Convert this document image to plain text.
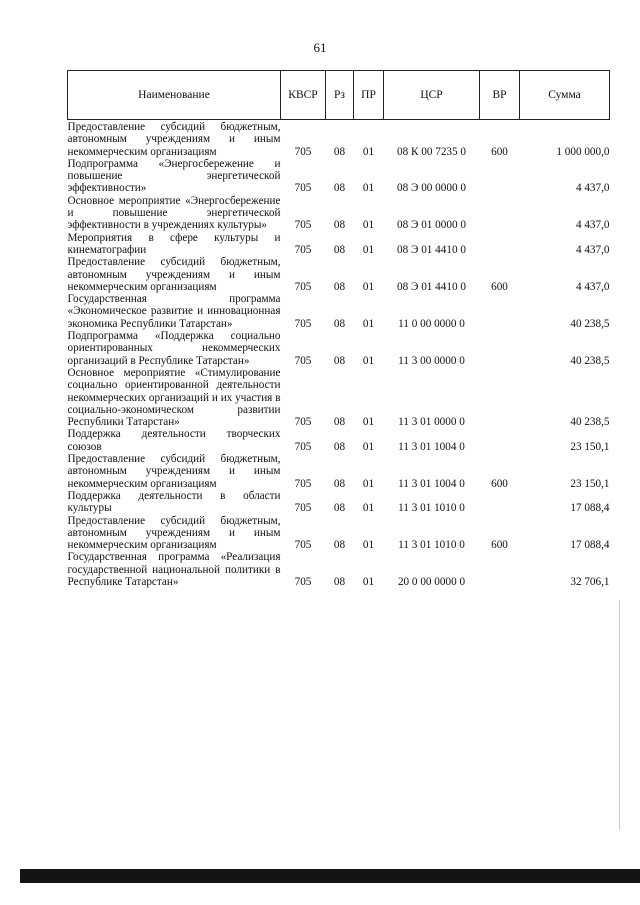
61
Наименование	КВСР	Рз	ПР	ЦСР	ВР	Сумма

Предоставление субсидий бюджетным, автономным учреждениям и иным некоммерческим организациям	705	08	01	08 К 00 7235 0	600	1 000 000,0
Подпрограмма «Энергосбережение и повышение энергетической эффективности»	705	08	01	08 Э 00 0000 0		4 437,0
Основное мероприятие «Энергосбережение и повышение энергетической эффективности в учреждениях культуры»	705	08	01	08 Э 01 0000 0		4 437,0
Мероприятия в сфере культуры и кинематографии	705	08	01	08 Э 01 4410 0		4 437,0
Предоставление субсидий бюджетным, автономным учреждениям и иным некоммерческим организациям	705	08	01	08 Э 01 4410 0	600	4 437,0
Государственная программа «Экономическое развитие и инновационная экономика Республики Татарстан»	705	08	01	11 0 00 0000 0		40 238,5
Подпрограмма «Поддержка социально ориентированных некоммерческих организаций в Республике Татарстан»	705	08	01	11 3 00 0000 0		40 238,5
Основное мероприятие «Стимулирование социально ориентированной деятельности некоммерческих организаций и их участия в социально-экономическом развитии Республики Татарстан»	705	08	01	11 3 01 0000 0		40 238,5
Поддержка деятельности творческих союзов	705	08	01	11 3 01 1004 0		23 150,1
Предоставление субсидий бюджетным, автономным учреждениям и иным некоммерческим организациям	705	08	01	11 3 01 1004 0	600	23 150,1
Поддержка деятельности в области культуры	705	08	01	11 3 01 1010 0		17 088,4
Предоставление субсидий бюджетным, автономным учреждениям и иным некоммерческим организациям	705	08	01	11 3 01 1010 0	600	17 088,4
Государственная программа «Реализация государственной национальной политики в Республике Татарстан»	705	08	01	20 0 00 0000 0		32 706,1
